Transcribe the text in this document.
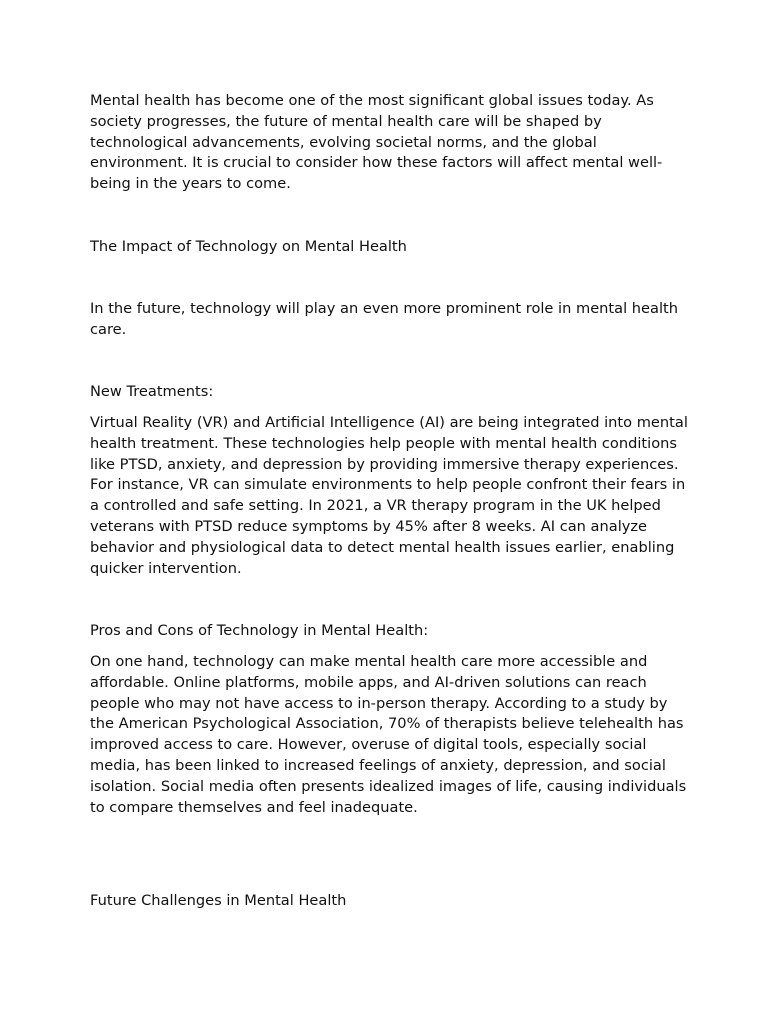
Mental health has become one of the most significant global issues today. As society progresses, the future of mental health care will be shaped by technological advancements, evolving societal norms, and the global environment. It is crucial to consider how these factors will affect mental well-being in the years to come.

The Impact of Technology on Mental Health

In the future, technology will play an even more prominent role in mental health care.

New Treatments:

Virtual Reality (VR) and Artificial Intelligence (AI) are being integrated into mental health treatment. These technologies help people with mental health conditions like PTSD, anxiety, and depression by providing immersive therapy experiences. For instance, VR can simulate environments to help people confront their fears in a controlled and safe setting. In 2021, a VR therapy program in the UK helped veterans with PTSD reduce symptoms by 45% after 8 weeks. AI can analyze behavior and physiological data to detect mental health issues earlier, enabling quicker intervention.

Pros and Cons of Technology in Mental Health:

On one hand, technology can make mental health care more accessible and affordable. Online platforms, mobile apps, and AI-driven solutions can reach people who may not have access to in-person therapy. According to a study by the American Psychological Association, 70% of therapists believe telehealth has improved access to care. However, overuse of digital tools, especially social media, has been linked to increased feelings of anxiety, depression, and social isolation. Social media often presents idealized images of life, causing individuals to compare themselves and feel inadequate.

Future Challenges in Mental Health
